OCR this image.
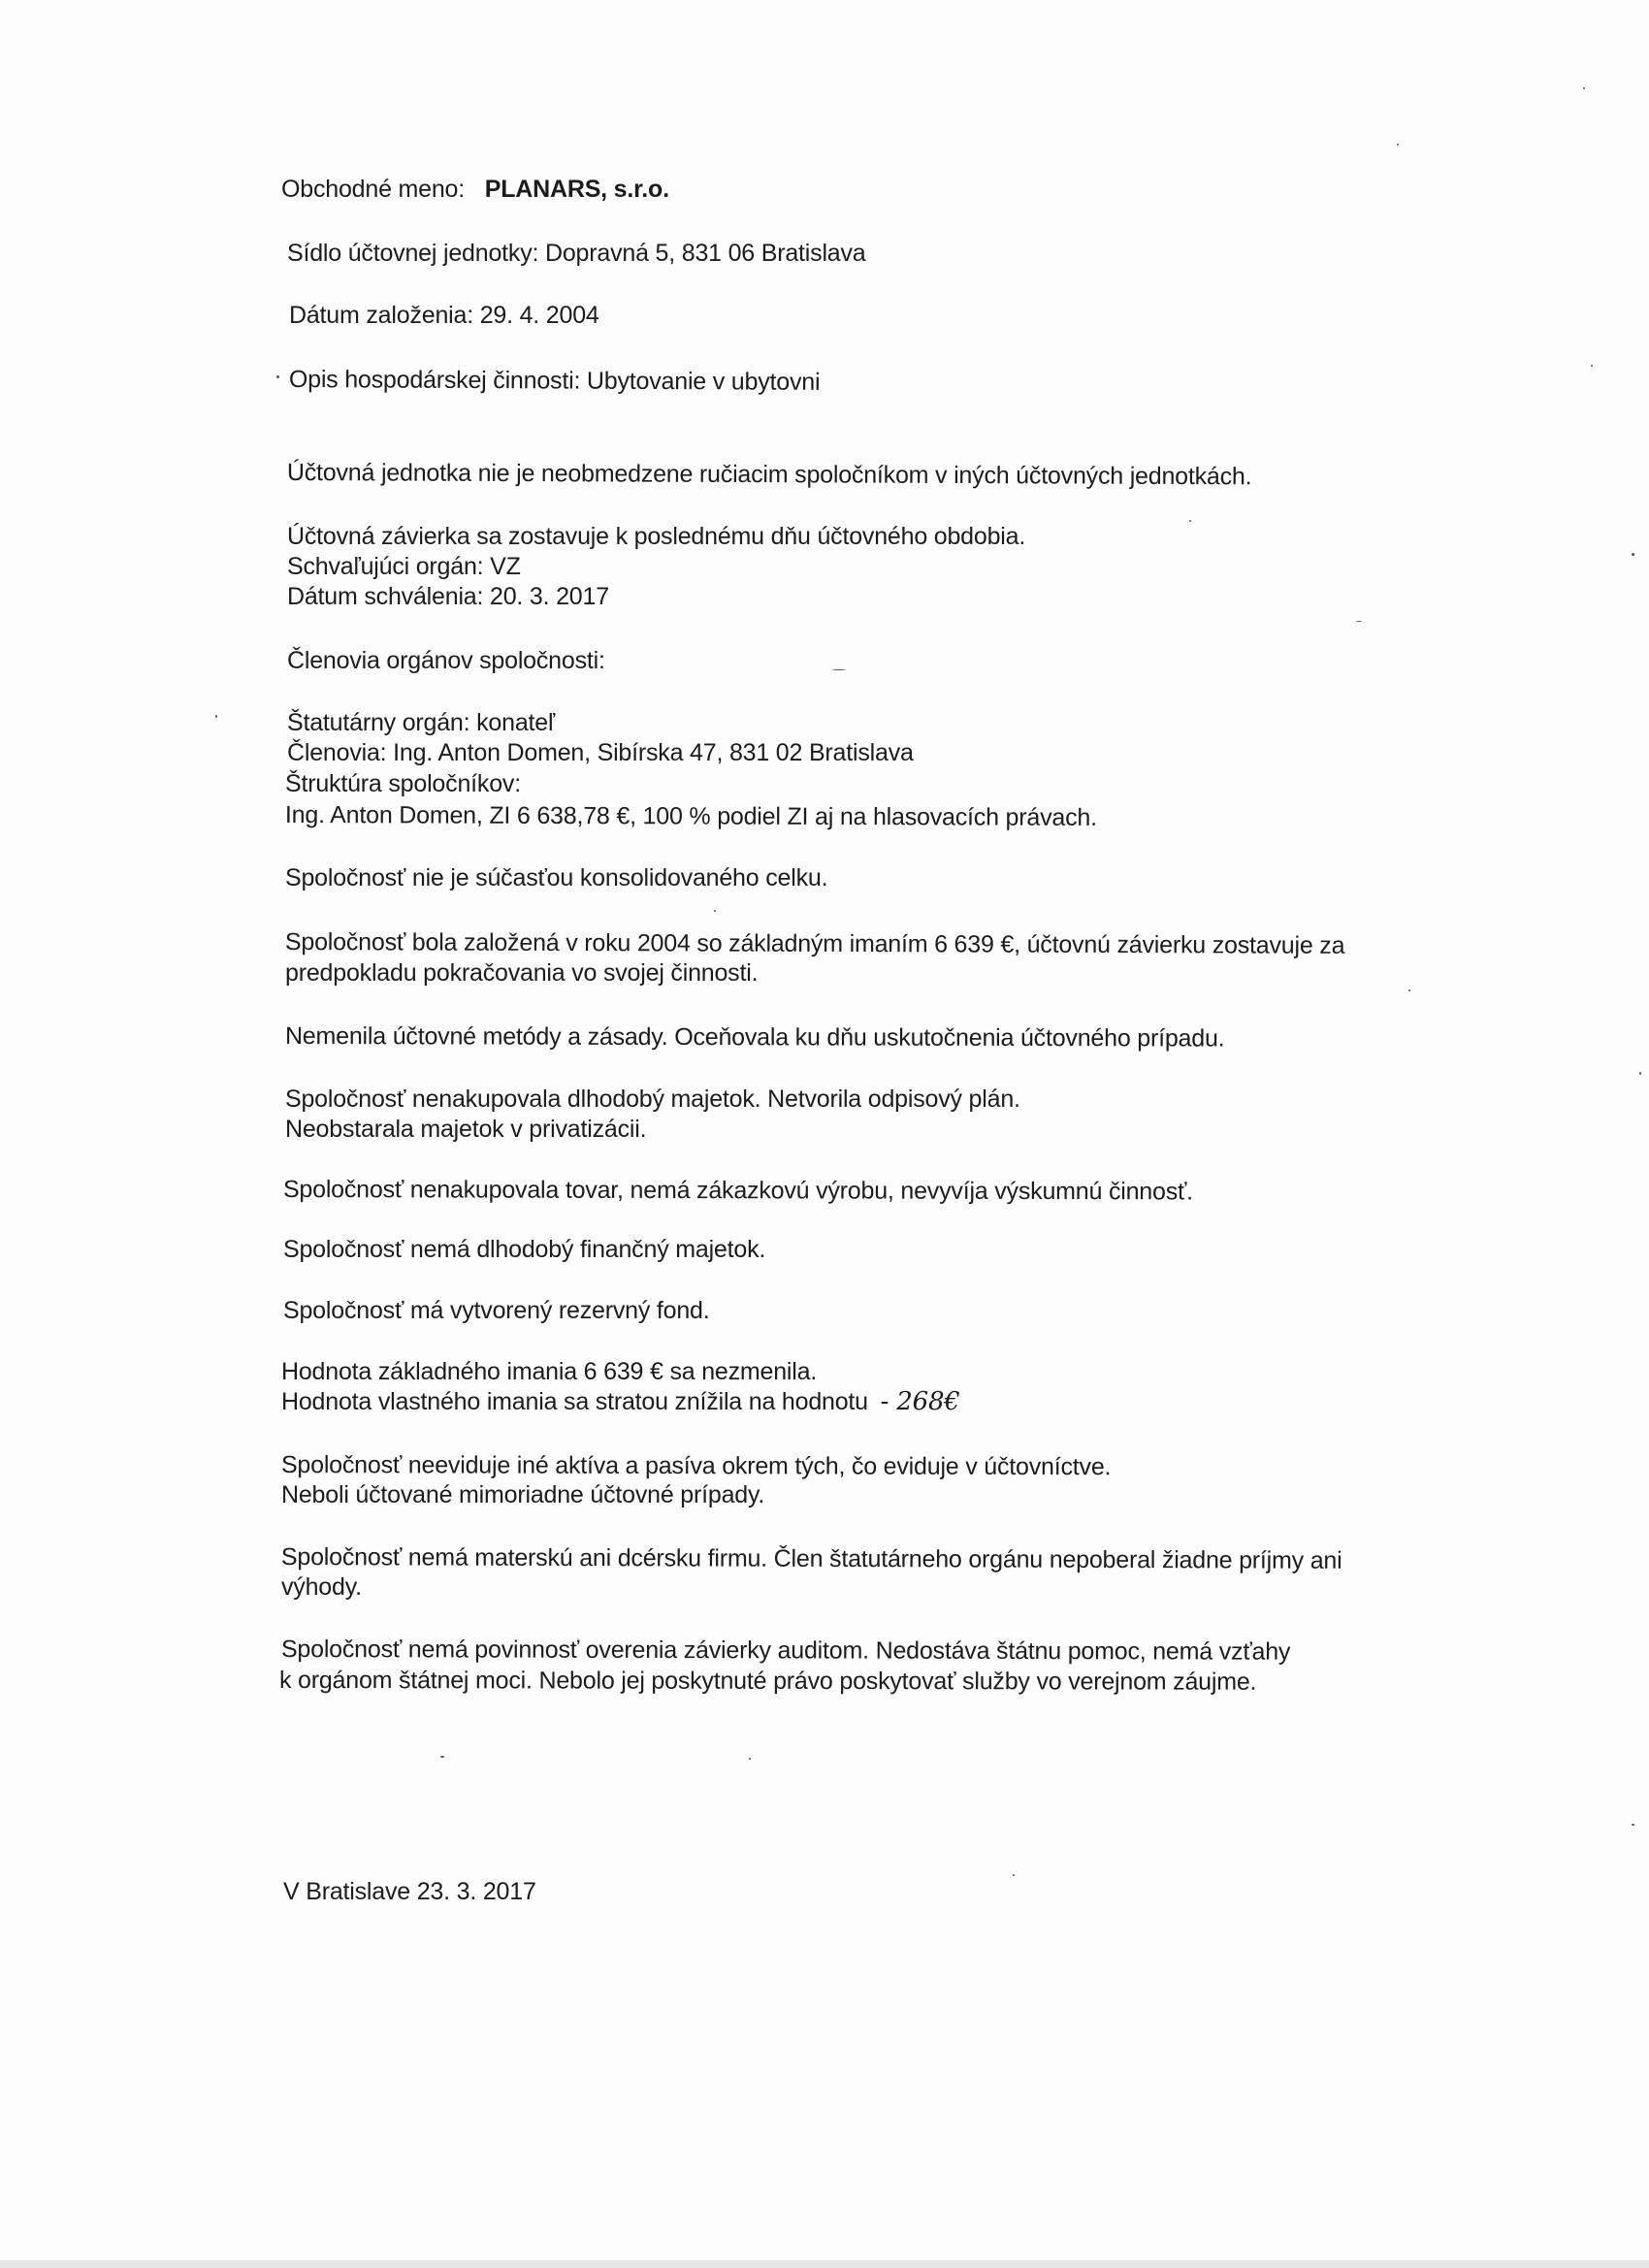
Obchodné meno: PLANARS, s.r.o.
Sídlo účtovnej jednotky: Dopravná 5, 831 06 Bratislava
Dátum založenia: 29. 4. 2004
Opis hospodárskej činnosti: Ubytovanie v ubytovni
Účtovná jednotka nie je neobmedzene ručiacim spoločníkom v iných účtovných jednotkách.
Účtovná závierka sa zostavuje k poslednému dňu účtovného obdobia.
Schvaľujúci orgán: VZ
Dátum schválenia: 20. 3. 2017
Členovia orgánov spoločnosti:
Štatutárny orgán: konateľ
Členovia: Ing. Anton Domen, Sibírska 47, 831 02 Bratislava
Štruktúra spoločníkov:
Ing. Anton Domen, ZI 6 638,78 €, 100 % podiel ZI aj na hlasovacích právach.
Spoločnosť nie je súčasťou konsolidovaného celku.
Spoločnosť bola založená v roku 2004 so základným imaním 6 639 €, účtovnú závierku zostavuje za
predpokladu pokračovania vo svojej činnosti.
Nemenila účtovné metódy a zásady. Oceňovala ku dňu uskutočnenia účtovného prípadu.
Spoločnosť nenakupovala dlhodobý majetok. Netvorila odpisový plán.
Neobstarala majetok v privatizácii.
Spoločnosť nenakupovala tovar, nemá zákazkovú výrobu, nevyvíja výskumnú činnosť.
Spoločnosť nemá dlhodobý finančný majetok.
Spoločnosť má vytvorený rezervný fond.
Hodnota základného imania 6 639 € sa nezmenila.
Hodnota vlastného imania sa stratou znížila na hodnotu - 268€
Spoločnosť neeviduje iné aktíva a pasíva okrem tých, čo eviduje v účtovníctve.
Neboli účtované mimoriadne účtovné prípady.
Spoločnosť nemá materskú ani dcérsku firmu. Člen štatutárneho orgánu nepoberal žiadne príjmy ani
výhody.
Spoločnosť nemá povinnosť overenia závierky auditom. Nedostáva štátnu pomoc, nemá vzťahy
k orgánom štátnej moci. Nebolo jej poskytnuté právo poskytovať služby vo verejnom záujme.
V Bratislave 23. 3. 2017
